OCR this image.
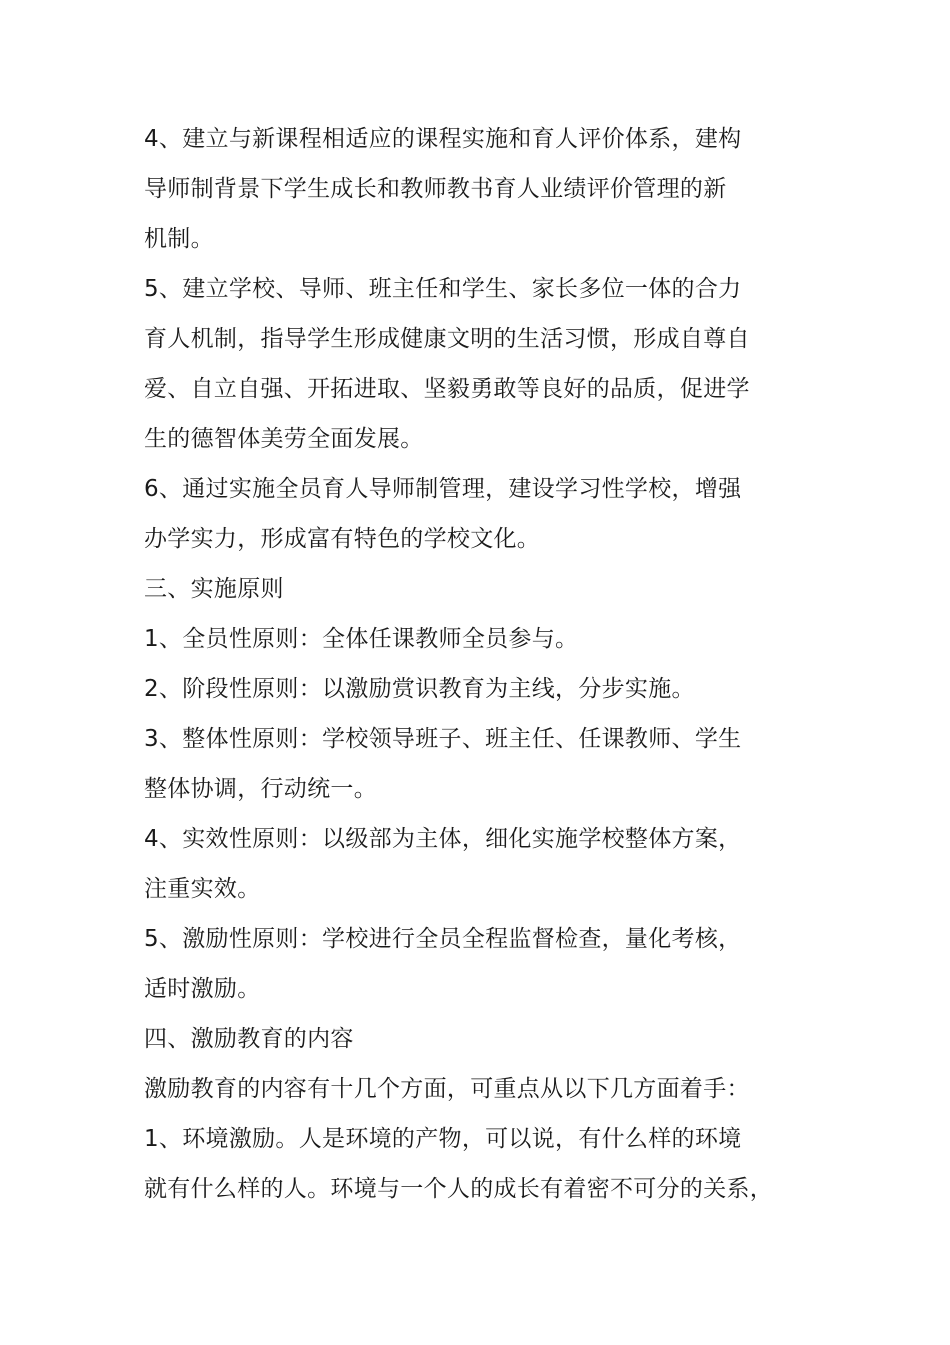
4、建立与新课程相适应的课程实施和育人评价体系，建构
导师制背景下学生成长和教师教书育人业绩评价管理的新
机制。
5、建立学校、导师、班主任和学生、家长多位一体的合力
育人机制，指导学生形成健康文明的生活习惯，形成自尊自
爱、自立自强、开拓进取、坚毅勇敢等良好的品质，促进学
生的德智体美劳全面发展。
6、通过实施全员育人导师制管理，建设学习性学校，增强
办学实力，形成富有特色的学校文化。
三、实施原则
1、全员性原则：全体任课教师全员参与。
2、阶段性原则：以激励赏识教育为主线，分步实施。
3、整体性原则：学校领导班子、班主任、任课教师、学生
整体协调，行动统一。
4、实效性原则：以级部为主体，细化实施学校整体方案，
注重实效。
5、激励性原则：学校进行全员全程监督检查，量化考核，
适时激励。
四、激励教育的内容
激励教育的内容有十几个方面，可重点从以下几方面着手：
1、环境激励。人是环境的产物，可以说，有什么样的环境
就有什么样的人。环境与一个人的成长有着密不可分的关系，
